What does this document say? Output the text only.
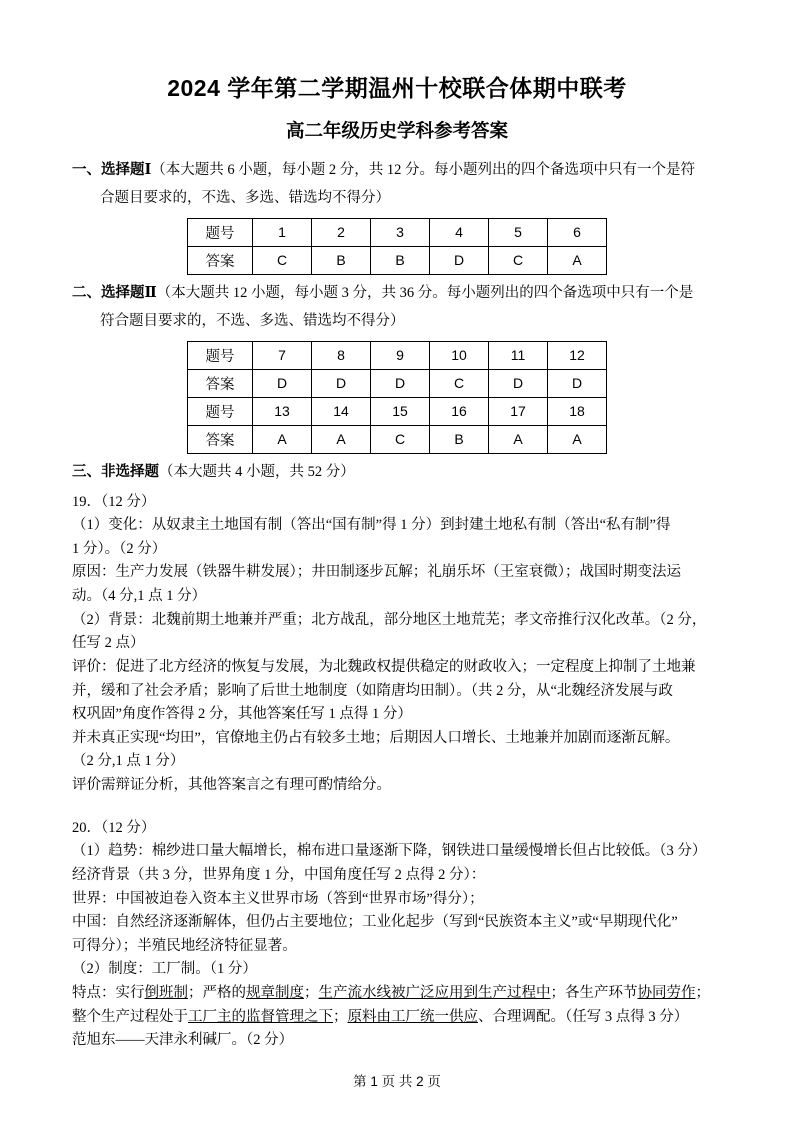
2024 学年第二学期温州十校联合体期中联考
高二年级历史学科参考答案
一、选择题Ⅰ（本大题共 6 小题，每小题 2 分，共 12 分。每小题列出的四个备选项中只有一个是符
合题目要求的，不选、多选、错选均不得分）
题号	1	2	3	4	5	6
答案	C	B	B	D	C	A
二、选择题Ⅱ（本大题共 12 小题，每小题 3 分，共 36 分。每小题列出的四个备选项中只有一个是
符合题目要求的，不选、多选、错选均不得分）
题号	7	8	9	10	11	12
答案	D	D	D	C	D	D
题号	13	14	15	16	17	18
答案	A	A	C	B	A	A
三、非选择题（本大题共 4 小题，共 52 分）
19．（12 分）
（1）变化：从奴隶主土地国有制（答出“国有制”得 1 分）到封建土地私有制（答出“私有制”得
1 分）。（2 分）
原因：生产力发展（铁器牛耕发展）；井田制逐步瓦解；礼崩乐坏（王室衰微）；战国时期变法运
动。（4 分,1 点 1 分）
（2）背景：北魏前期土地兼并严重；北方战乱，部分地区土地荒芜；孝文帝推行汉化改革。（2 分，
任写 2 点）
评价：促进了北方经济的恢复与发展，为北魏政权提供稳定的财政收入；一定程度上抑制了土地兼
并，缓和了社会矛盾；影响了后世土地制度（如隋唐均田制）。（共 2 分，从“北魏经济发展与政
权巩固”角度作答得 2 分，其他答案任写 1 点得 1 分）
并未真正实现“均田”，官僚地主仍占有较多土地；后期因人口增长、土地兼并加剧而逐渐瓦解。
（2 分,1 点 1 分）
评价需辩证分析，其他答案言之有理可酌情给分。
20．（12 分）
（1）趋势：棉纱进口量大幅增长，棉布进口量逐渐下降，钢铁进口量缓慢增长但占比较低。（3 分）
经济背景（共 3 分，世界角度 1 分，中国角度任写 2 点得 2 分）：
世界：中国被迫卷入资本主义世界市场（答到“世界市场”得分）；
中国：自然经济逐渐解体，但仍占主要地位；工业化起步（写到“民族资本主义”或“早期现代化”
可得分）；半殖民地经济特征显著。
（2）制度：工厂制。（1 分）
特点：实行倒班制；严格的规章制度；生产流水线被广泛应用到生产过程中；各生产环节协同劳作；
整个生产过程处于工厂主的监督管理之下；原料由工厂统一供应、合理调配。（任写 3 点得 3 分）
范旭东——天津永利碱厂。（2 分）
第 1 页 共 2 页
